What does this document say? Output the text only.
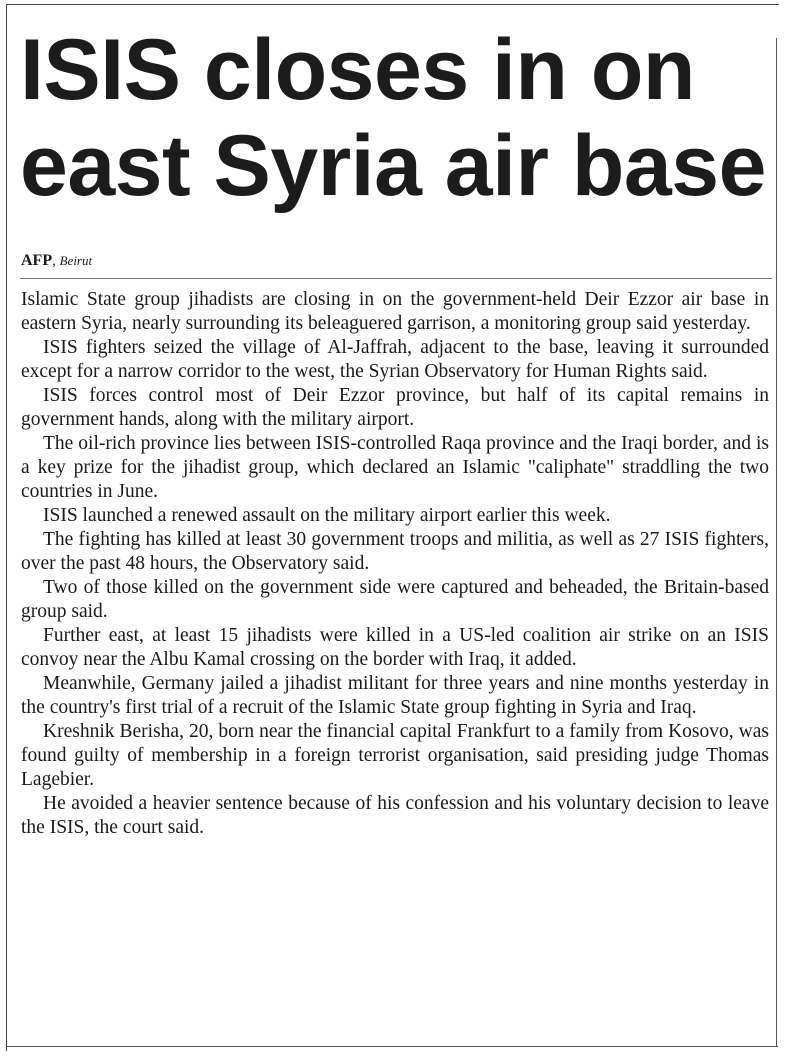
ISIS closes in on east Syria air base
AFP, Beirut

Islamic State group jihadists are closing in on the government-held Deir Ezzor air base in eastern Syria, nearly surrounding its beleaguered garrison, a monitoring group said yesterday.

ISIS fighters seized the village of Al-Jaffrah, adjacent to the base, leaving it surrounded except for a narrow corridor to the west, the Syrian Observatory for Human Rights said.

ISIS forces control most of Deir Ezzor province, but half of its capital remains in government hands, along with the military airport.

The oil-rich province lies between ISIS-controlled Raqa province and the Iraqi border, and is a key prize for the jihadist group, which declared an Islamic "caliphate" straddling the two countries in June.

ISIS launched a renewed assault on the military airport earlier this week.

The fighting has killed at least 30 government troops and militia, as well as 27 ISIS fighters, over the past 48 hours, the Observatory said.

Two of those killed on the government side were captured and beheaded, the Britain-based group said.

Further east, at least 15 jihadists were killed in a US-led coalition air strike on an ISIS convoy near the Albu Kamal crossing on the border with Iraq, it added.

Meanwhile, Germany jailed a jihadist militant for three years and nine months yesterday in the country's first trial of a recruit of the Islamic State group fighting in Syria and Iraq.

Kreshnik Berisha, 20, born near the financial capital Frankfurt to a family from Kosovo, was found guilty of membership in a foreign terrorist organisation, said presiding judge Thomas Lagebier.

He avoided a heavier sentence because of his confession and his voluntary decision to leave the ISIS, the court said.
